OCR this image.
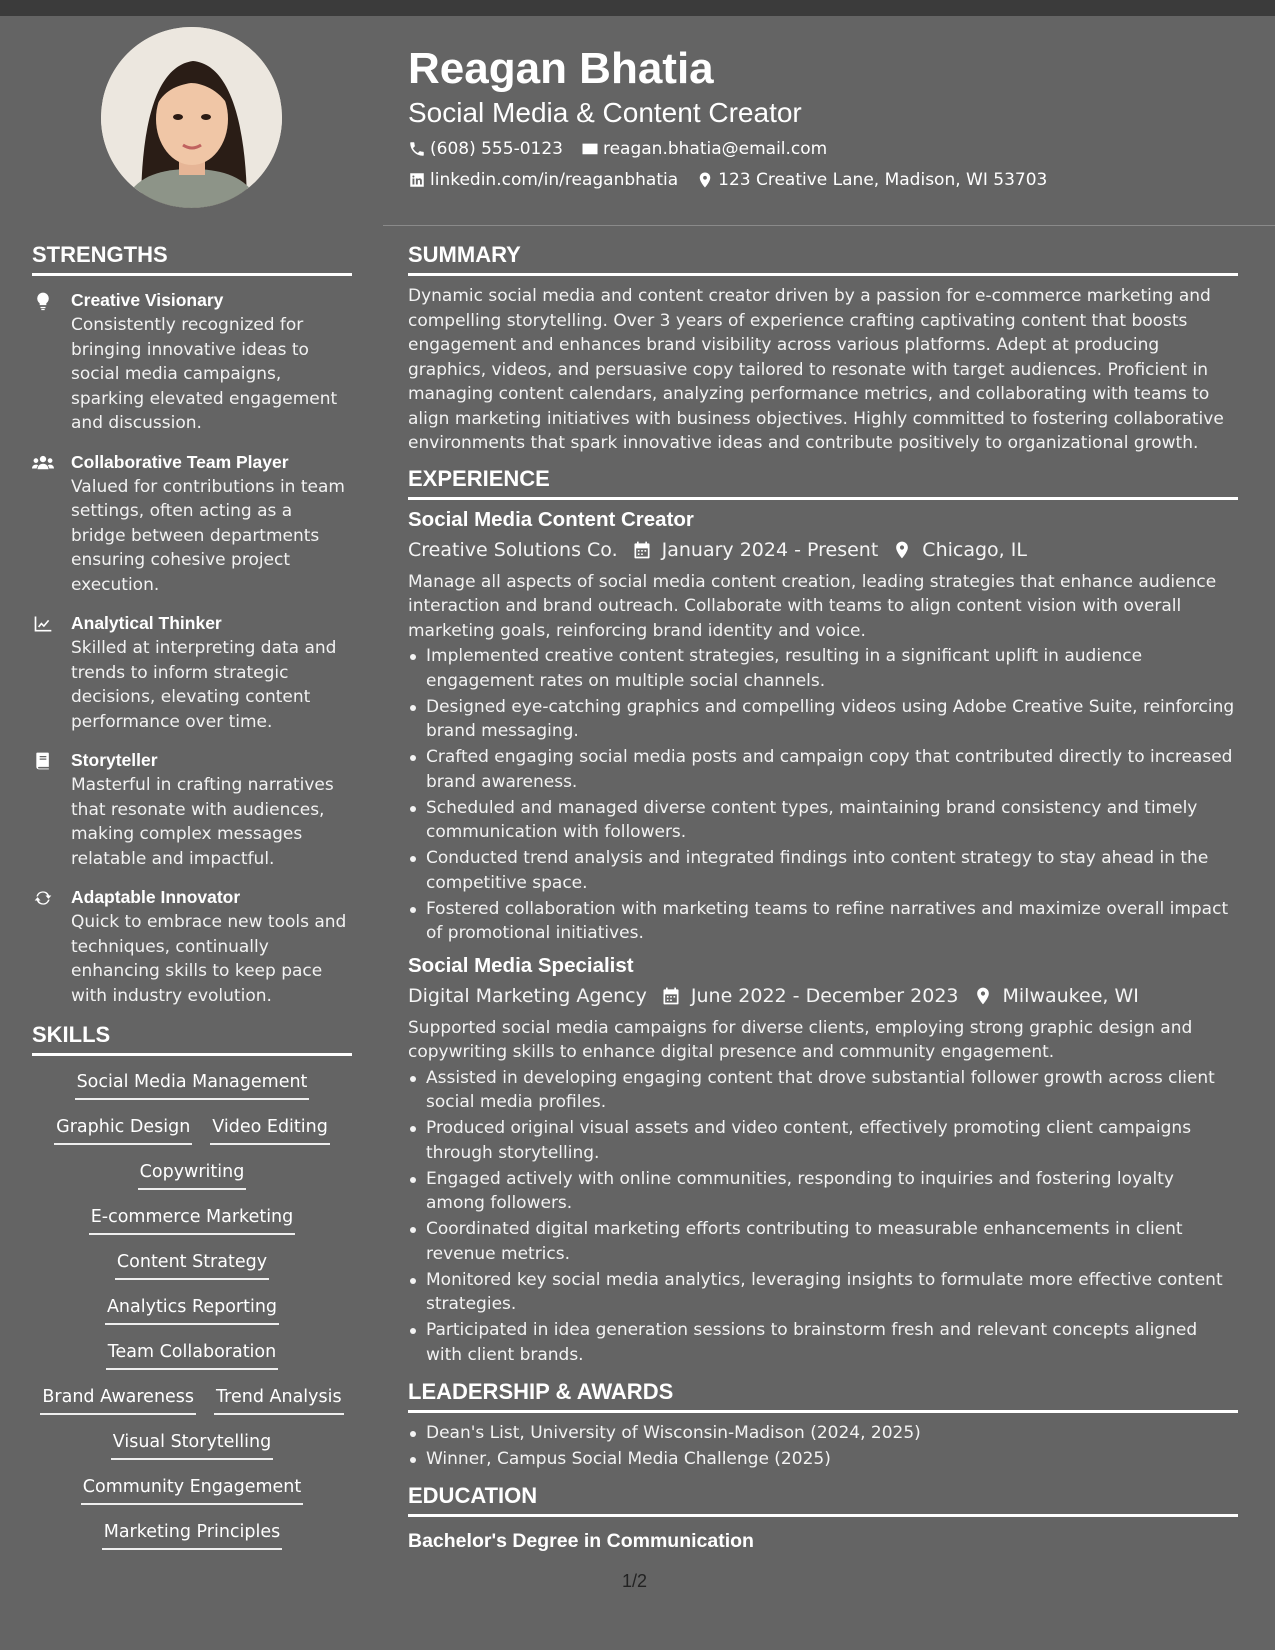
Reagan Bhatia
Social Media & Content Creator
(608) 555-0123 reagan.bhatia@email.com
linkedin.com/in/reaganbhatia 123 Creative Lane, Madison, WI 53703
STRENGTHS
Creative Visionary
Consistently recognized for bringing innovative ideas to social media campaigns, sparking elevated engagement and discussion.
Collaborative Team Player
Valued for contributions in team settings, often acting as a bridge between departments ensuring cohesive project execution.
Analytical Thinker
Skilled at interpreting data and trends to inform strategic decisions, elevating content performance over time.
Storyteller
Masterful in crafting narratives that resonate with audiences, making complex messages relatable and impactful.
Adaptable Innovator
Quick to embrace new tools and techniques, continually enhancing skills to keep pace with industry evolution.
SKILLS
Social Media Management
Graphic Design Video Editing
Copywriting
E-commerce Marketing
Content Strategy
Analytics Reporting
Team Collaboration
Brand Awareness Trend Analysis
Visual Storytelling
Community Engagement
Marketing Principles
SUMMARY
Dynamic social media and content creator driven by a passion for e-commerce marketing and compelling storytelling. Over 3 years of experience crafting captivating content that boosts engagement and enhances brand visibility across various platforms. Adept at producing graphics, videos, and persuasive copy tailored to resonate with target audiences. Proficient in managing content calendars, analyzing performance metrics, and collaborating with teams to align marketing initiatives with business objectives. Highly committed to fostering collaborative environments that spark innovative ideas and contribute positively to organizational growth.
EXPERIENCE
Social Media Content Creator
Creative Solutions Co. January 2024 - Present Chicago, IL
Manage all aspects of social media content creation, leading strategies that enhance audience interaction and brand outreach. Collaborate with teams to align content vision with overall marketing goals, reinforcing brand identity and voice.
Implemented creative content strategies, resulting in a significant uplift in audience engagement rates on multiple social channels.
Designed eye-catching graphics and compelling videos using Adobe Creative Suite, reinforcing brand messaging.
Crafted engaging social media posts and campaign copy that contributed directly to increased brand awareness.
Scheduled and managed diverse content types, maintaining brand consistency and timely communication with followers.
Conducted trend analysis and integrated findings into content strategy to stay ahead in the competitive space.
Fostered collaboration with marketing teams to refine narratives and maximize overall impact of promotional initiatives.
Social Media Specialist
Digital Marketing Agency June 2022 - December 2023 Milwaukee, WI
Supported social media campaigns for diverse clients, employing strong graphic design and copywriting skills to enhance digital presence and community engagement.
Assisted in developing engaging content that drove substantial follower growth across client social media profiles.
Produced original visual assets and video content, effectively promoting client campaigns through storytelling.
Engaged actively with online communities, responding to inquiries and fostering loyalty among followers.
Coordinated digital marketing efforts contributing to measurable enhancements in client revenue metrics.
Monitored key social media analytics, leveraging insights to formulate more effective content strategies.
Participated in idea generation sessions to brainstorm fresh and relevant concepts aligned with client brands.
LEADERSHIP & AWARDS
Dean's List, University of Wisconsin-Madison (2024, 2025)
Winner, Campus Social Media Challenge (2025)
EDUCATION
Bachelor's Degree in Communication
1/2
